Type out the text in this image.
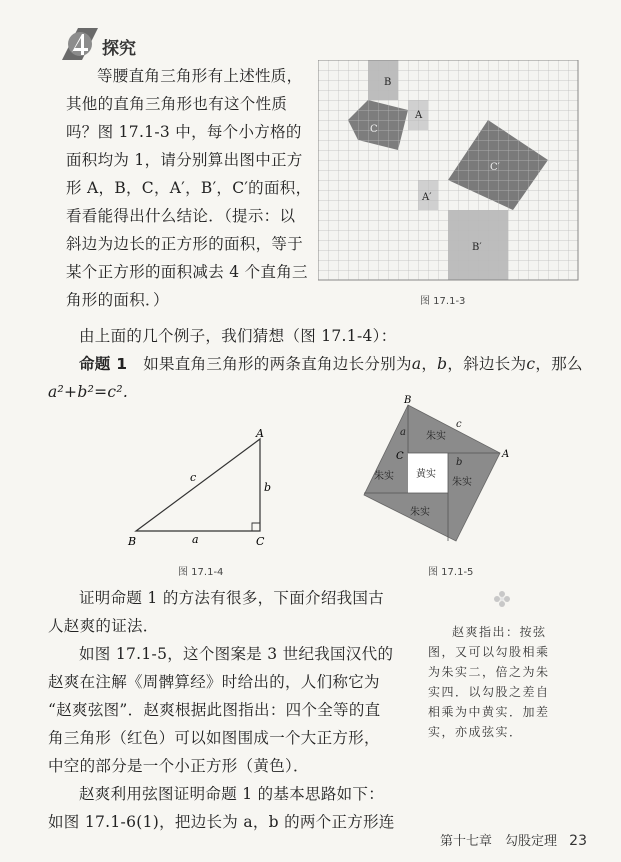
探究

等腰直角三角形有上述性质，

其他的直角三角形也有这个性质

吗？图 17.1-3 中，每个小方格的

面积均为 1，请分别算出图中正方

形 A，B，C，A′，B′，C′的面积，

看看能得出什么结论．（提示：以

斜边为边长的正方形的面积，等于

某个正方形的面积减去 4 个直角三

角形的面积．）

B
A
C
C′
A′
B′
图 17.1-3

由上面的几个例子，我们猜想（图 17.1-4）：

命题 1　 如果直角三角形的两条直角边长分别为a，b，斜边长为c，那么

a²+b²=c².

A
B	C
a
b
c
图 17.1-4
B
C	A
a
c
b
朱实
朱实
朱实
朱实
黄实
图 17.1-5

证明命题 1 的方法有很多，下面介绍我国古

人赵爽的证法．

如图 17.1-5，这个图案是 3 世纪我国汉代的

赵爽在注解《周髀算经》时给出的，人们称它为

“赵爽弦图”．赵爽根据此图指出：四个全等的直

角三角形（红色）可以如图围成一个大正方形，

中空的部分是一个小正方形（黄色）．

赵爽利用弦图证明命题 1 的基本思路如下：

如图 17.1-6(1)，把边长为 a，b 的两个正方形连

赵爽指出：按弦
图，又可以勾股相乘
为朱实二，倍之为朱
实四．以勾股之差自
相乘为中黄实．加差
实，亦成弦实．
第十七章　勾股定理 23
